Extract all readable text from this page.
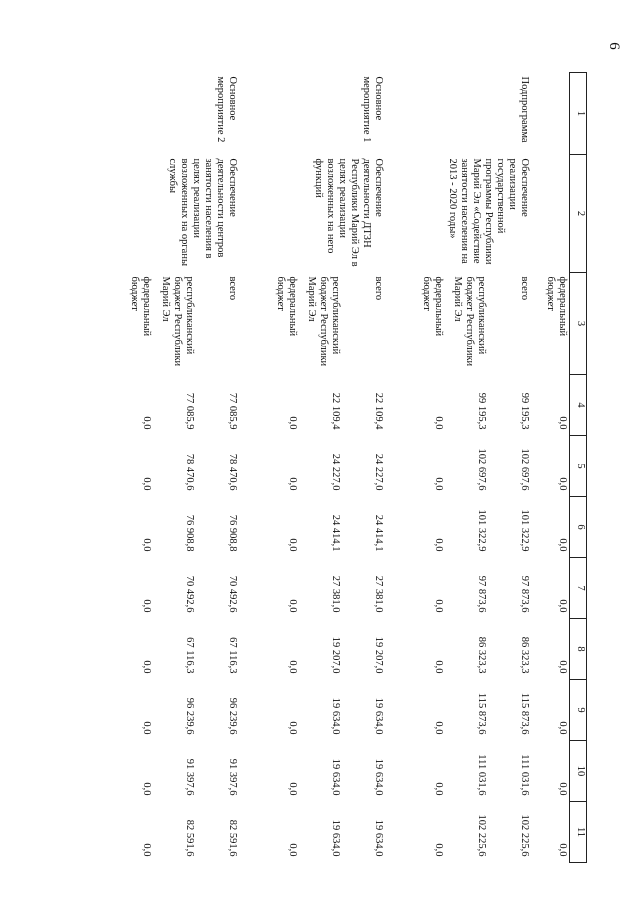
6
1	2	3	4	5	6	7	8	9	10	11
		федеральный бюджет	0,0	0,0	0,0	0,0	0,0	0,0	0,0	0,0

Подпрограмма	Обеспечение реализации государственной программы Республики Марий Эл «Содействие занятости населения на 2013 - 2020 годы»	всего	99 195,3	102 697,6	101 322,9	97 873,6	86 323,3	115 873,6	111 031,6	102 225,6
		республиканский бюджет Республики Марий Эл	99 195,3	102 697,6	101 322,9	97 873,6	86 323,3	115 873,6	111 031,6	102 225,6
		федеральный бюджет	0,0	0,0	0,0	0,0	0,0	0,0	0,0	0,0

Основное мероприятие 1	Обеспечение деятельности ДТЗН Республики Марий Эл в целях реализации возложенных на него функций	всего	22 109,4	24 227,0	24 414,1	27 381,0	19 207,0	19 634,0	19 634,0	19 634,0
		республиканский бюджет Республики Марий Эл	22 109,4	24 227,0	24 414,1	27 381,0	19 207,0	19 634,0	19 634,0	19 634,0
		федеральный бюджет	0,0	0,0	0,0	0,0	0,0	0,0	0,0	0,0

Основное мероприятие 2	Обеспечение деятельности центров занятости населения в целях реализации возложенных на органы службы	всего	77 085,9	78 470,6	76 908,8	70 492,6	67 116,3	96 239,6	91 397,6	82 591,6
		республиканский бюджет Республики Марий Эл	77 085,9	78 470,6	76 908,8	70 492,6	67 116,3	96 239,6	91 397,6	82 591,6
		федеральный бюджет	0,0	0,0	0,0	0,0	0,0	0,0	0,0	0,0
